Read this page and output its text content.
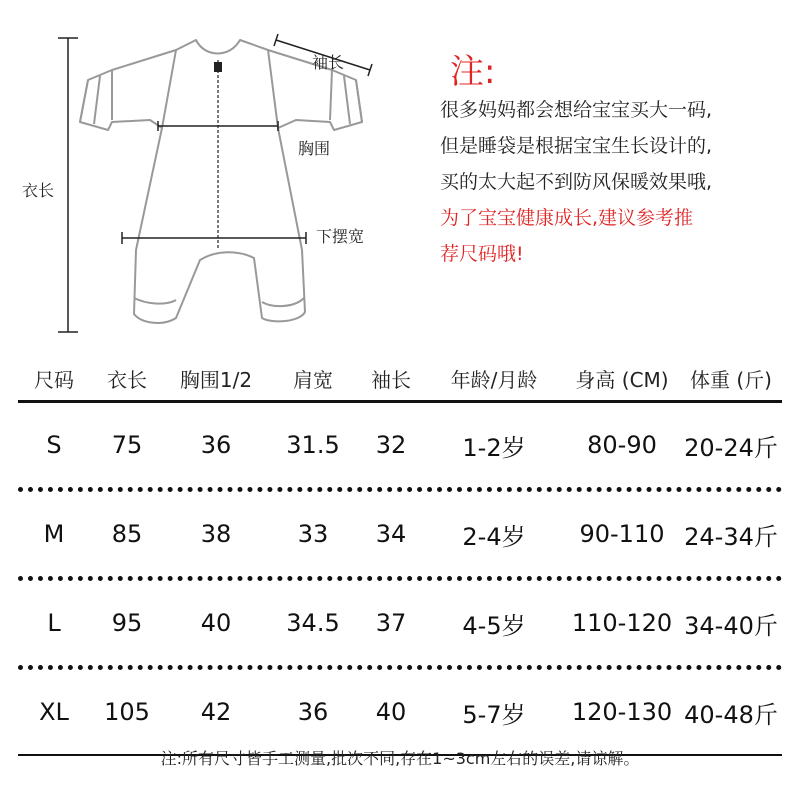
袖长
胸围
衣长
下摆宽
注:
很多妈妈都会想给宝宝买大一码,
但是睡袋是根据宝宝生长设计的,
买的太大起不到防风保暖效果哦,
为了宝宝健康成长,建议参考推
荐尺码哦!
尺码	衣长	胸围1/2	肩宽	袖长	年龄/月龄	身高 (CM)	体重 (斤)
S	75	36	31.5	32	1-2岁	80-90	20-24斤
M	85	38	33	34	2-4岁	90-110 24-34斤
L	95	40	34.5	37	4-5岁	110-120 34-40斤
XL	105	42	36	40	5-7岁	120-130 40-48斤
注:所有尺寸皆手工测量,批次不同,存在1~3cm左右的误差,请谅解。
